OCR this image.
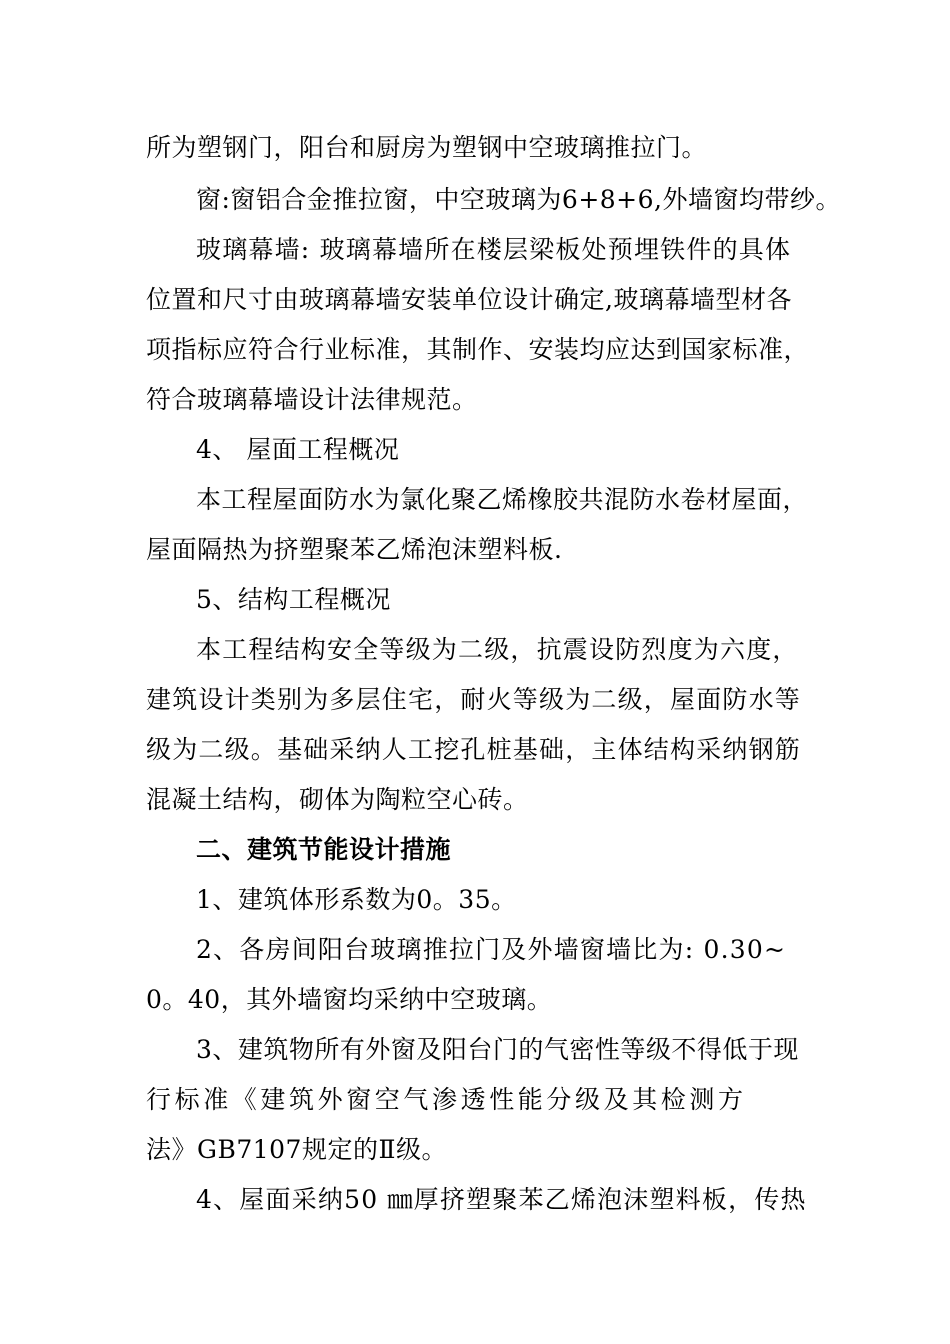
所为塑钢门，阳台和厨房为塑钢中空玻璃推拉门。
窗:窗铝合金推拉窗，中空玻璃为6+8+6,外墙窗均带纱。
玻璃幕墙: 玻璃幕墙所在楼层梁板处预埋铁件的具体
位置和尺寸由玻璃幕墙安装单位设计确定,玻璃幕墙型材各
项指标应符合行业标准，其制作、安装均应达到国家标准，
符合玻璃幕墙设计法律规范。
4、 屋面工程概况
本工程屋面防水为氯化聚乙烯橡胶共混防水卷材屋面，
屋面隔热为挤塑聚苯乙烯泡沫塑料板.
5、结构工程概况
本工程结构安全等级为二级，抗震设防烈度为六度，
建筑设计类别为多层住宅，耐火等级为二级，屋面防水等
级为二级。基础采纳人工挖孔桩基础，主体结构采纳钢筋
混凝土结构，砌体为陶粒空心砖。
二、建筑节能设计措施
1、建筑体形系数为0。35。
2、各房间阳台玻璃推拉门及外墙窗墙比为: 0.30~
0。40，其外墙窗均采纳中空玻璃。
3、建筑物所有外窗及阳台门的气密性等级不得低于现
行标准《建筑外窗空气渗透性能分级及其检测方
法》GB7107规定的Ⅱ级。
4、屋面采纳50 ㎜厚挤塑聚苯乙烯泡沫塑料板，传热
